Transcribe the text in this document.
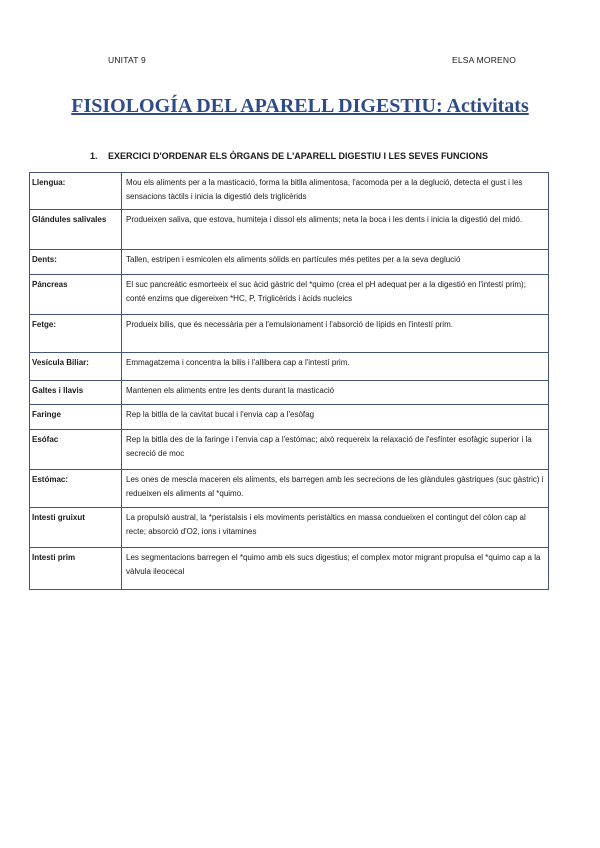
UNITAT 9	ELSA MORENO
FISIOLOGÍA DEL APARELL DIGESTIU: Activitats
1. EXERCICI D'ORDENAR ELS ÒRGANS DE L'APARELL DIGESTIU I LES SEVES FUNCIONS
Llengua:	Mou els aliments per a la masticació, forma la bitlla alimentosa, l'acomoda per a la deglució, detecta el gust i les sensacions tàctils i inicia la digestió dels triglicèrids
Glándules salivales	Produeixen saliva, que estova, humiteja i dissol els aliments; neta la boca i les dents i inicia la digestió del midó.
Dents:	Tallen, estripen i esmicolen els aliments sòlids en partícules més petites per a la seva deglució
Páncreas	El suc pancreàtic esmorteeix el suc àcid gàstric del *quimo (crea el pH adequat per a la digestió en l'intestí prim); conté enzims que digereixen *HC, P, Triglicèrids i àcids nucleics
Fetge:	Produeix bilis, que és necessària per a l'emulsionament i l'absorció de lípids en l'intestí prim.
Vesícula Biliar:	Emmagatzema i concentra la bilis i l'allibera cap a l'intestí prim.
Galtes i llavis	Mantenen els aliments entre les dents durant la masticació
Faringe	Rep la bitlla de la cavitat bucal i l'envia cap a l'esòfag
Esófac	Rep la bitlla des de la faringe i l'envia cap a l'estómac; això requereix la relaxació de l'esfínter esofàgic superior i la secreció de moc
Estómac:	Les ones de mescla maceren els aliments, els barregen amb les secrecions de les glàndules gàstriques (suc gàstric) i redueixen els aliments al *quimo.
Intesti gruixut	La propulsió austral, la *peristalsis i els moviments peristàltics en massa condueixen el contingut del còlon cap al recte; absorció d'O2, ions i vitamines
Intesti prim	Les segmentacions barregen el *quimo amb els sucs digestius; el complex motor migrant propulsa el *quimo cap a la vàlvula ileocecal
